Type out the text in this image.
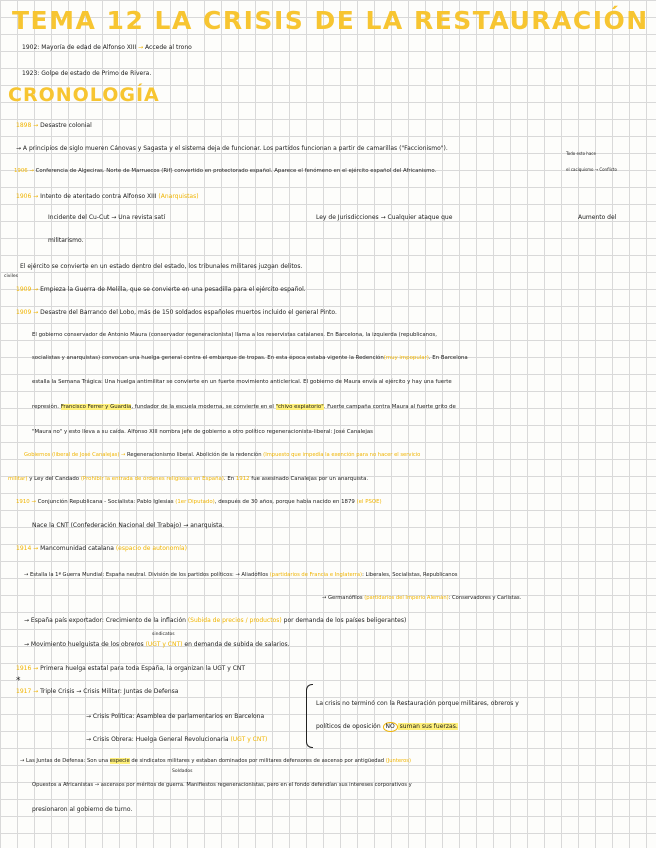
TEMA 12 LA CRISIS DE LA RESTAURACIÓN
1902: Mayoría de edad de Alfonso XIII → Accede al trono
1923: Golpe de estado de Primo de Rivera.
CRONOLOGÍA
1898 → Desastre colonial
→ A principios de siglo mueren Cánovas y Sagasta y el sistema deja de funcionar. Los partidos funcionan a partir de camarillas ("Faccionismo").
Todo esto hace
el caciquismo → Conflicto
1906 → Conferencia de Algeciras. Norte de Marruecos (Rif) convertido en protectorado español. Aparece el fenómeno en el ejército español del Africanismo.
1906 → Intento de atentado contra Alfonso XIII (Anarquistas)
Incidente del Cu-Cut → Una revista satí	Ley de Jurisdicciones → Cualquier ataque que	Aumento del
militarismo.
El ejército se convierte en un estado dentro del estado, los tribunales militares juzgan delitos.
civiles
1909 → Empieza la Guerra de Melilla, que se convierte en una pesadilla para el ejército español.
1909 → Desastre del Barranco del Lobo, más de 150 soldados españoles muertos incluido el general Pinto.
El gobierno conservador de Antonio Maura (conservador regeneracionista) llama a los reservistas catalanes. En Barcelona, la izquierda (republicanos,
socialistas y anarquistas) convocan una huelga general contra el embarque de tropas. En esta época estaba vigente la Redención(muy impopular). En Barcelona
estalla la Semana Trágica: Una huelga antimilitar se convierte en un fuerte movimiento anticlerical. El gobierno de Maura envía al ejército y hay una fuerte
represión. Francisco Ferrer y Guardia, fundador de la escuela moderna, se convierte en el "chivo expiatorio". Fuerte campaña contra Maura al fuerte grito de
"Maura no" y esto lleva a su caída. Alfonso XIII nombra jefe de gobierno a otro político regeneracionista-liberal: José Canalejas
Gobiernos (liberal de José Canalejas) → Regeneracionismo liberal. Abolición de la redención (Impuesto que impedía la exención para no hacer el servicio
militar) y Ley del Candado (Prohibir la entrada de órdenes religiosas en España). En 1912 fue asesinado Canalejas por un anarquista.
1910 → Conjunción Republicana - Socialista: Pablo Iglesias (1er Diputado), después de 30 años, porque había nacido en 1879 (el PSOE)
Nace la CNT (Confederación Nacional del Trabajo) → anarquista.
1914 → Mancomunidad catalana (espacio de autonomía)
→ Estalla la 1ª Guerra Mundial: España neutral. División de los partidos políticos: → Aliadófilos (partidarios de Francia e Inglaterra): Liberales, Socialistas, Republicanos
→ Germanófilos (partidarios del Imperio Alemán): Conservadores y Carlistas.
→ España país exportador: Crecimiento de la inflación (Subida de precios / productos) por demanda de los países beligerantes)
sindicatos
→ Movimiento huelguista de los obreros (UGT y CNT) en demanda de subida de salarios.
1916 → Primera huelga estatal para toda España, la organizan la UGT y CNT
*
1917 → Triple Crisis → Crisis Militar: Juntas de Defensa
→ Crisis Política: Asamblea de parlamentarios en Barcelona
→ Crisis Obrera: Huelga General Revolucionaria (UGT y CNT)
La crisis no terminó con la Restauración porque militares, obreros y
políticos de oposición NO suman sus fuerzas.
→ Las Juntas de Defensa: Son una especie de sindicatos militares y estaban dominados por militares defensores de ascenso por antigüedad (Junteros)
Soldados
Opuestos a Africanistas → ascensos por méritos de guerra. Manifiestos regeneracionistas, pero en el fondo defendían sus intereses corporativos y
presionaron al gobierno de turno.
